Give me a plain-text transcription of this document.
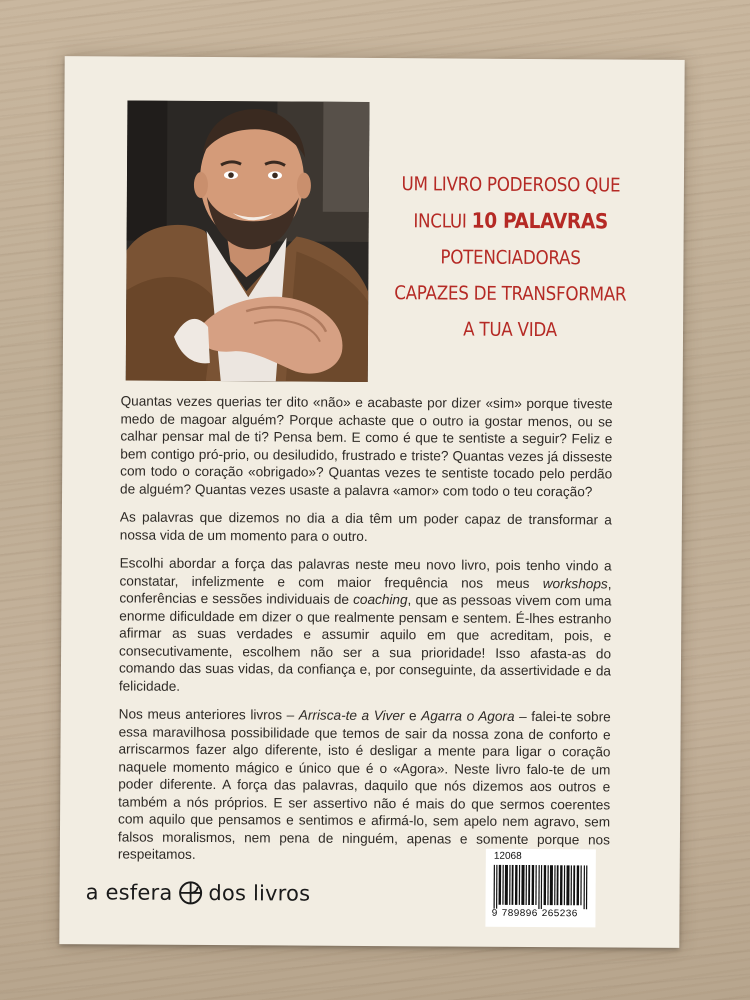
UM LIVRO PODEROSO QUE
INCLUI 10 PALAVRAS
POTENCIADORAS
CAPAZES DE TRANSFORMAR
A TUA VIDA

Quantas vezes querias ter dito «não» e acabaste por dizer «sim» porque tiveste medo de magoar alguém? Porque achaste que o outro ia gostar menos, ou se calhar pensar mal de ti? Pensa bem. E como é que te sentiste a seguir? Feliz e bem contigo pró-prio, ou desiludido, frustrado e triste? Quantas vezes já disseste com todo o coração «obrigado»? Quantas vezes te sentiste tocado pelo perdão de alguém? Quantas vezes usaste a palavra «amor» com todo o teu coração?

As palavras que dizemos no dia a dia têm um poder capaz de transformar a nossa vida de um momento para o outro.

Escolhi abordar a força das palavras neste meu novo livro, pois tenho vindo a constatar, infelizmente e com maior frequência nos meus workshops, conferências e sessões individuais de coaching, que as pessoas vivem com uma enorme dificuldade em dizer o que realmente pensam e sentem. É-lhes estranho afirmar as suas verdades e assumir aquilo em que acreditam, pois, e consecutivamente, escolhem não ser a sua prioridade! Isso afasta-as do comando das suas vidas, da confiança e, por conseguinte, da assertividade e da felicidade.

Nos meus anteriores livros – Arrisca-te a Viver e Agarra o Agora – falei-te sobre essa maravilhosa possibilidade que temos de sair da nossa zona de conforto e arriscarmos fazer algo diferente, isto é desligar a mente para ligar o coração naquele momento mágico e único que é o «Agora». Neste livro falo-te de um poder diferente. A força das palavras, daquilo que nós dizemos aos outros e também a nós próprios. E ser assertivo não é mais do que sermos coerentes com aquilo que pensamos e sentimos e afirmá-lo, sem apelo nem agravo, sem falsos moralismos, nem pena de ninguém, apenas e somente porque nos respeitamos.

a esfera dos livros
12068
9 789896 265236
